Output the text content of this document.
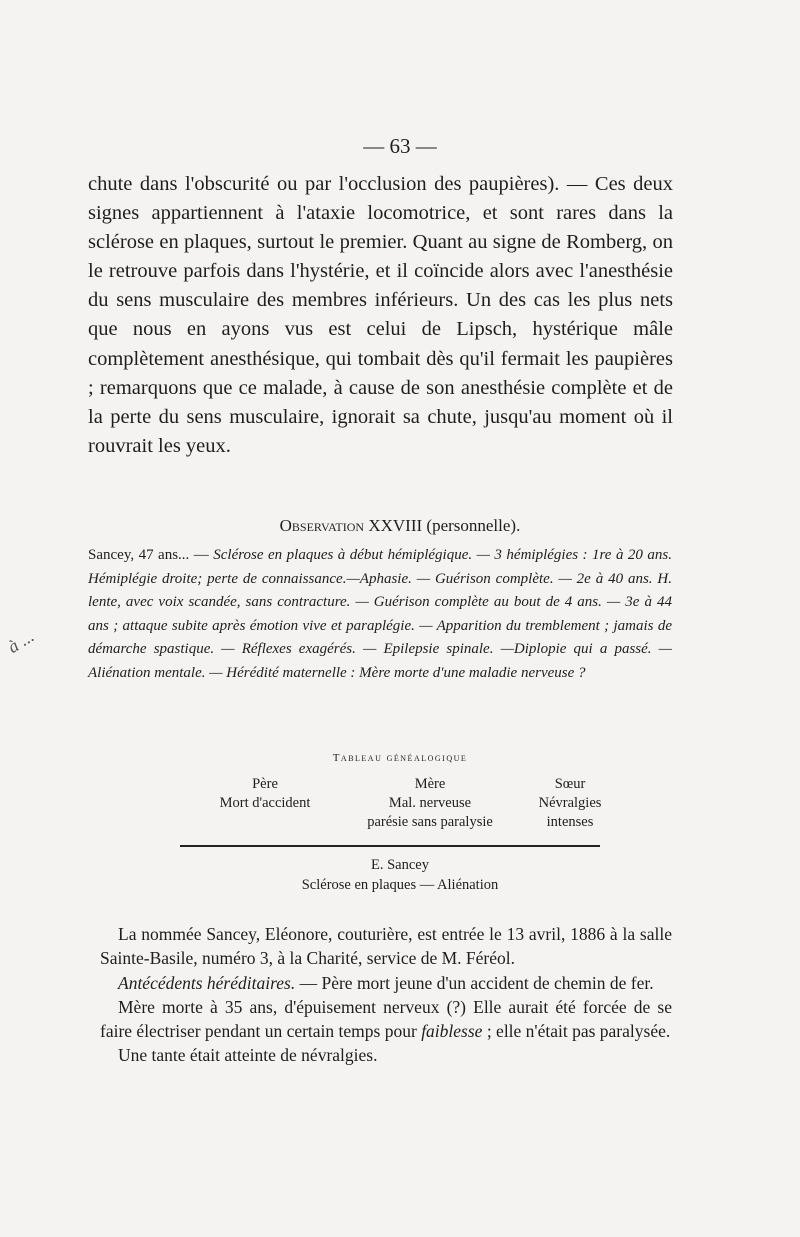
— 63 —
chute dans l'obscurité ou par l'occlusion des paupières). — Ces deux signes appartiennent à l'ataxie locomotrice, et sont rares dans la sclérose en plaques, surtout le premier. Quant au signe de Romberg, on le retrouve parfois dans l'hystérie, et il coïncide alors avec l'anesthésie du sens musculaire des membres inférieurs. Un des cas les plus nets que nous en ayons vus est celui de Lipsch, hystérique mâle complètement anesthésique, qui tombait dès qu'il fermait les paupières ; remarquons que ce malade, à cause de son anesthésie complète et de la perte du sens musculaire, ignorait sa chute, jusqu'au moment où il rouvrait les yeux.
Observation XXVIII (personnelle).

Sancey, 47 ans... — Sclérose en plaques à début hémiplégique. — 3 hémiplégies : 1re à 20 ans. Hémiplégie droite; perte de connaissance.—Aphasie. — Guérison complète. — 2e à 40 ans. H. lente, avec voix scandée, sans contracture. — Guérison complète au bout de 4 ans. — 3e à 44 ans ; attaque subite après émotion vive et paraplégie. — Apparition du tremblement ; jamais de démarche spastique. — Réflexes exagérés. — Epilepsie spinale. —Diplopie qui a passé. — Aliénation mentale. — Hérédité maternelle : Mère morte d'une maladie nerveuse ?

Tableau généalogique
Père
Mort d'accident
Mère
Mal. nerveuse
parésie sans paralysie
Sœur
Névralgies
intenses
E. Sancey
Sclérose en plaques — Aliénation

La nommée Sancey, Eléonore, couturière, est entrée le 13 avril, 1886 à la salle Sainte-Basile, numéro 3, à la Charité, service de M. Féréol.

Antécédents héréditaires. — Père mort jeune d'un accident de chemin de fer.

Mère morte à 35 ans, d'épuisement nerveux (?) Elle aurait été forcée de se faire électriser pendant un certain temps pour faiblesse ; elle n'était pas paralysée.

Une tante était atteinte de névralgies.

à ...
